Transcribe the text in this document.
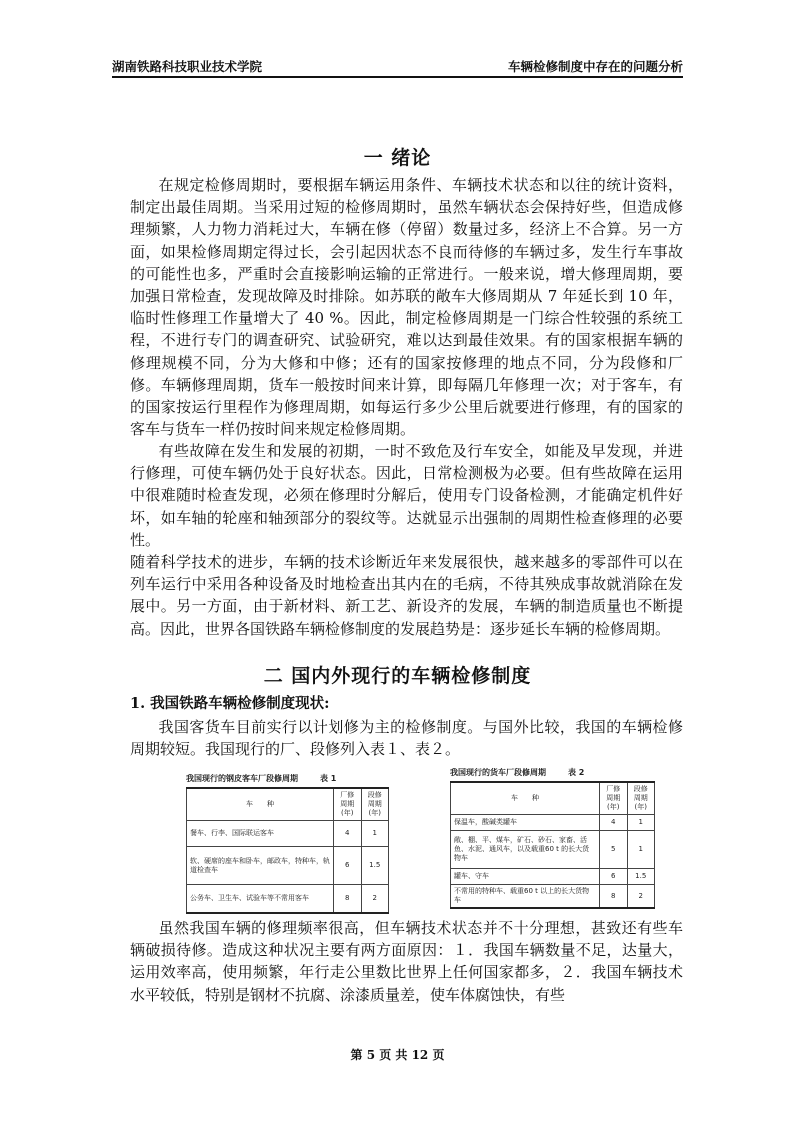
湖南铁路科技职业技术学院	车辆检修制度中存在的问题分析
一 绪论

在规定检修周期时，要根据车辆运用条件、车辆技术状态和以往的统计资料，制定出最佳周期。当采用过短的检修周期时，虽然车辆状态会保持好些，但造成修理频繁，人力物力消耗过大，车辆在修（停留）数量过多，经济上不合算。另一方面，如果检修周期定得过长，会引起因状态不良而待修的车辆过多，发生行车事故的可能性也多，严重时会直接影响运输的正常进行。一般来说，增大修理周期，要加强日常检查，发现故障及时排除。如苏联的敞车大修周期从 7 年延长到 10 年，临时性修理工作量增大了 40 %。因此，制定检修周期是一门综合性较强的系统工程，不进行专门的调查研究、试验研究，难以达到最佳效果。有的国家根据车辆的修理规模不同，分为大修和中修；还有的国家按修理的地点不同，分为段修和厂修。车辆修理周期，货车一般按时间来计算，即每隔几年修理一次；对于客车，有的国家按运行里程作为修理周期，如每运行多少公里后就要进行修理，有的国家的客车与货车一样仍按时间来规定检修周期。

有些故障在发生和发展的初期，一时不致危及行车安全，如能及早发现，并进行修理，可使车辆仍处于良好状态。因此，日常检测极为必要。但有些故障在运用中很难随时检查发现，必须在修理时分解后，使用专门设备检测，才能确定机件好坏，如车轴的轮座和轴颈部分的裂纹等。达就显示出强制的周期性检查修理的必要性。

随着科学技术的进步，车辆的技术诊断近年来发展很快，越来越多的零部件可以在列车运行中采用各种设备及时地检查出其内在的毛病，不待其殃成事故就消除在发展中。另一方面，由于新材料、新工艺、新设齐的发展，车辆的制造质量也不断提高。因此，世界各国铁路车辆检修制度的发展趋势是：逐步延长车辆的检修周期。

二 国内外现行的车辆检修制度
1. 我国铁路车辆检修制度现状:

我国客货车目前实行以计划修为主的检修制度。与国外比较，我国的车辆检修周期较短。我国现行的厂、段修列入表１、表２。

我国现行的钢皮客车厂段修周期	表 1
车　　种	厂修周期(年)	段修周期(年)
餐车、行李、国际联运客车	4	1
软、硬席的座车和卧车，邮政车，特种车，轨道检查车	6	1.5
公务车、卫生车、试验车等不常用客车	8	2
我国现行的货车厂段修周期	表 2
车　　种	厂修周期(年)	段修周期(年)
保温车，酸碱类罐车	4	1
敞、棚、平、煤车，矿石、砂石、家畜、活鱼、水泥、通风车，以及载重60 t 的长大货物车	5	1
罐车、守车	6	1.5
不常用的特种车、载重60 t 以上的长大货物车	8	2

虽然我国车辆的修理频率很高，但车辆技术状态并不十分理想，甚致还有些车辆破损待修。造成这种状况主要有两方面原因：１．我国车辆数量不足，达量大，运用效率高，使用频繁，年行走公里数比世界上任何国家都多，２．我国车辆技术水平较低，特别是钢材不抗腐、涂漆质量差，使车体腐蚀快，有些

第 5 页 共 12 页
